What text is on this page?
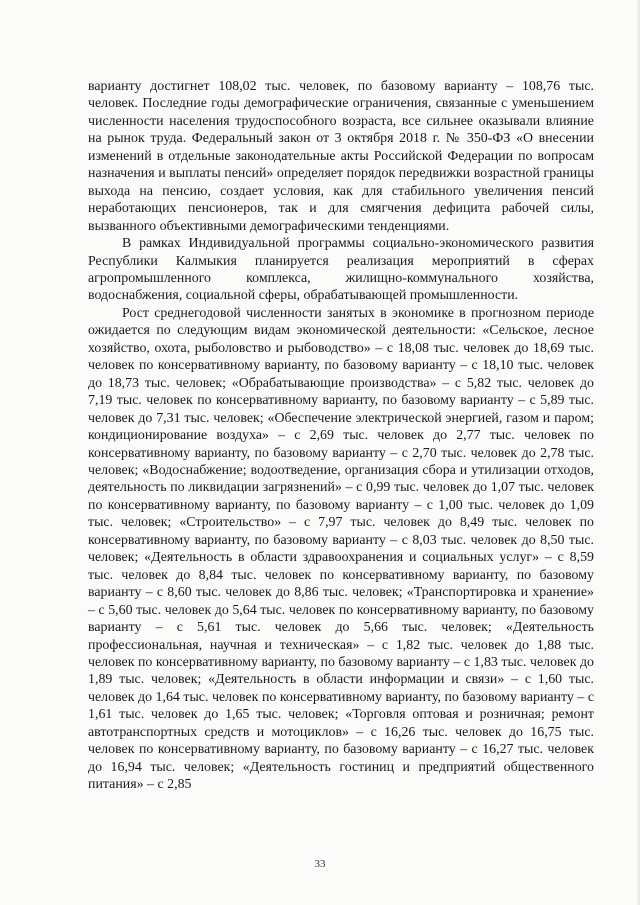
варианту достигнет 108,02 тыс. человек, по базовому варианту – 108,76 тыс. человек. Последние годы демографические ограничения, связанные с уменьшением численности населения трудоспособного возраста, все сильнее оказывали влияние на рынок труда. Федеральный закон от 3 октября 2018 г. № 350-ФЗ «О внесении изменений в отдельные законодательные акты Российской Федерации по вопросам назначения и выплаты пенсий» определяет порядок передвижки возрастной границы выхода на пенсию, создает условия, как для стабильного увеличения пенсий неработающих пенсионеров, так и для смягчения дефицита рабочей силы, вызванного объективными демографическими тенденциями.

В рамках Индивидуальной программы социально-экономического развития Республики Калмыкия планируется реализация мероприятий в сферах агропромышленного комплекса, жилищно-коммунального хозяйства, водоснабжения, социальной сферы, обрабатывающей промышленности.

Рост среднегодовой численности занятых в экономике в прогнозном периоде ожидается по следующим видам экономической деятельности: «Сельское, лесное хозяйство, охота, рыболовство и рыбоводство» – с 18,08 тыс. человек до 18,69 тыс. человек по консервативному варианту, по базовому варианту – с 18,10 тыс. человек до 18,73 тыс. человек; «Обрабатывающие производства» – с 5,82 тыс. человек до 7,19 тыс. человек по консервативному варианту, по базовому варианту – с 5,89 тыс. человек до 7,31 тыс. человек; «Обеспечение электрической энергией, газом и паром; кондиционирование воздуха» – с 2,69 тыс. человек до 2,77 тыс. человек по консервативному варианту, по базовому варианту – с 2,70 тыс. человек до 2,78 тыс. человек; «Водоснабжение; водоотведение, организация сбора и утилизации отходов, деятельность по ликвидации загрязнений» – с 0,99 тыс. человек до 1,07 тыс. человек по консервативному варианту, по базовому варианту – с 1,00 тыс. человек до 1,09 тыс. человек; «Строительство» – с 7,97 тыс. человек до 8,49 тыс. человек по консервативному варианту, по базовому варианту – с 8,03 тыс. человек до 8,50 тыс. человек; «Деятельность в области здравоохранения и социальных услуг» – с 8,59 тыс. человек до 8,84 тыс. человек по консервативному варианту, по базовому варианту – с 8,60 тыс. человек до 8,86 тыс. человек; «Транспортировка и хранение» – с 5,60 тыс. человек до 5,64 тыс. человек по консервативному варианту, по базовому варианту – с 5,61 тыс. человек до 5,66 тыс. человек; «Деятельность профессиональная, научная и техническая» – с 1,82 тыс. человек до 1,88 тыс. человек по консервативному варианту, по базовому варианту – с 1,83 тыс. человек до 1,89 тыс. человек; «Деятельность в области информации и связи» – с 1,60 тыс. человек до 1,64 тыс. человек по консервативному варианту, по базовому варианту – с 1,61 тыс. человек до 1,65 тыс. человек; «Торговля оптовая и розничная; ремонт автотранспортных средств и мотоциклов» – с 16,26 тыс. человек до 16,75 тыс. человек по консервативному варианту, по базовому варианту – с 16,27 тыс. человек до 16,94 тыс. человек; «Деятельность гостиниц и предприятий общественного питания» – с 2,85

33
